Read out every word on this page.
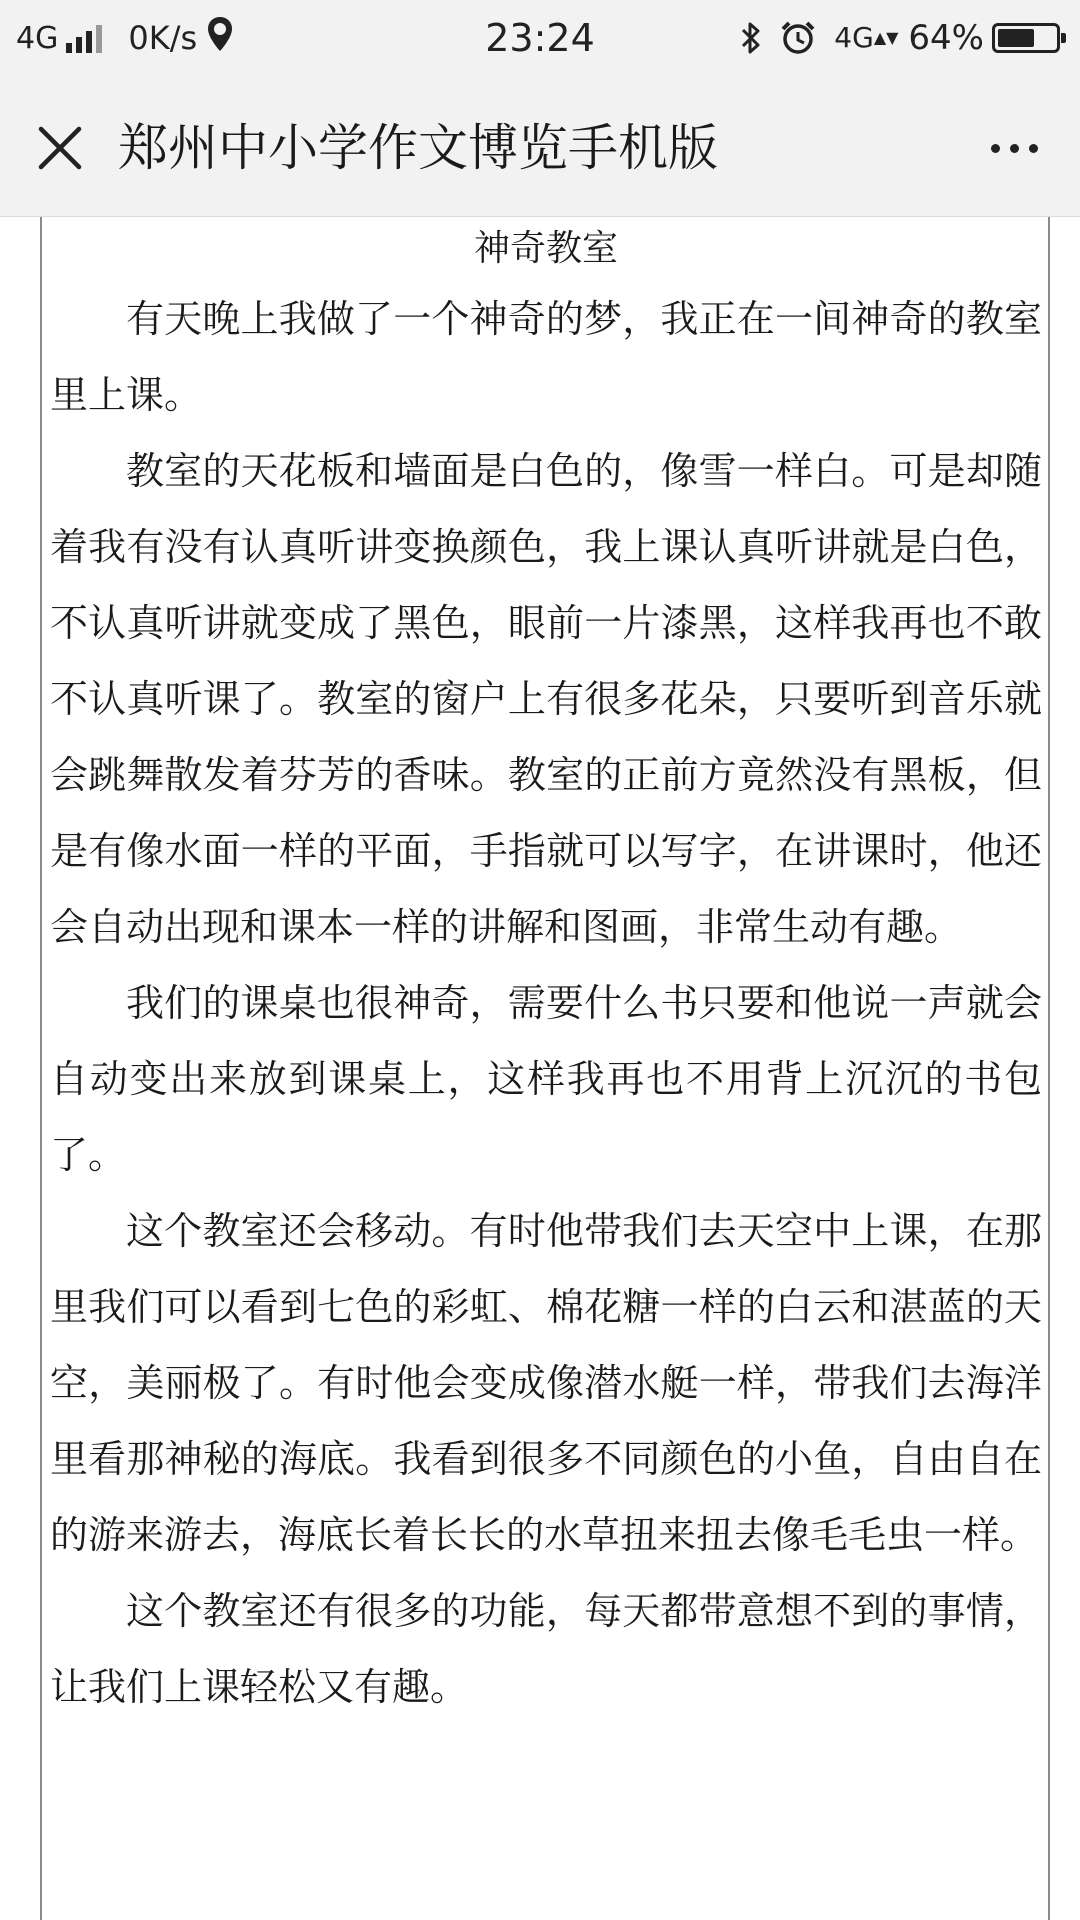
4G 0K/s	23:24	4G ▲▼ 64%
郑州中小学作文博览手机版
神奇教室

有天晚上我做了一个神奇的梦，我正在一间神奇的教室里上课。

教室的天花板和墙面是白色的，像雪一样白。可是却随着我有没有认真听讲变换颜色，我上课认真听讲就是白色，不认真听讲就变成了黑色，眼前一片漆黑，这样我再也不敢不认真听课了。教室的窗户上有很多花朵，只要听到音乐就会跳舞散发着芬芳的香味。教室的正前方竟然没有黑板，但是有像水面一样的平面，手指就可以写字，在讲课时，他还会自动出现和课本一样的讲解和图画，非常生动有趣。

我们的课桌也很神奇，需要什么书只要和他说一声就会自动变出来放到课桌上，这样我再也不用背上沉沉的书包了。

这个教室还会移动。有时他带我们去天空中上课，在那里我们可以看到七色的彩虹、棉花糖一样的白云和湛蓝的天空，美丽极了。有时他会变成像潜水艇一样，带我们去海洋里看那神秘的海底。我看到很多不同颜色的小鱼，自由自在的游来游去，海底长着长长的水草扭来扭去像毛毛虫一样。

这个教室还有很多的功能，每天都带意想不到的事情，让我们上课轻松又有趣。
